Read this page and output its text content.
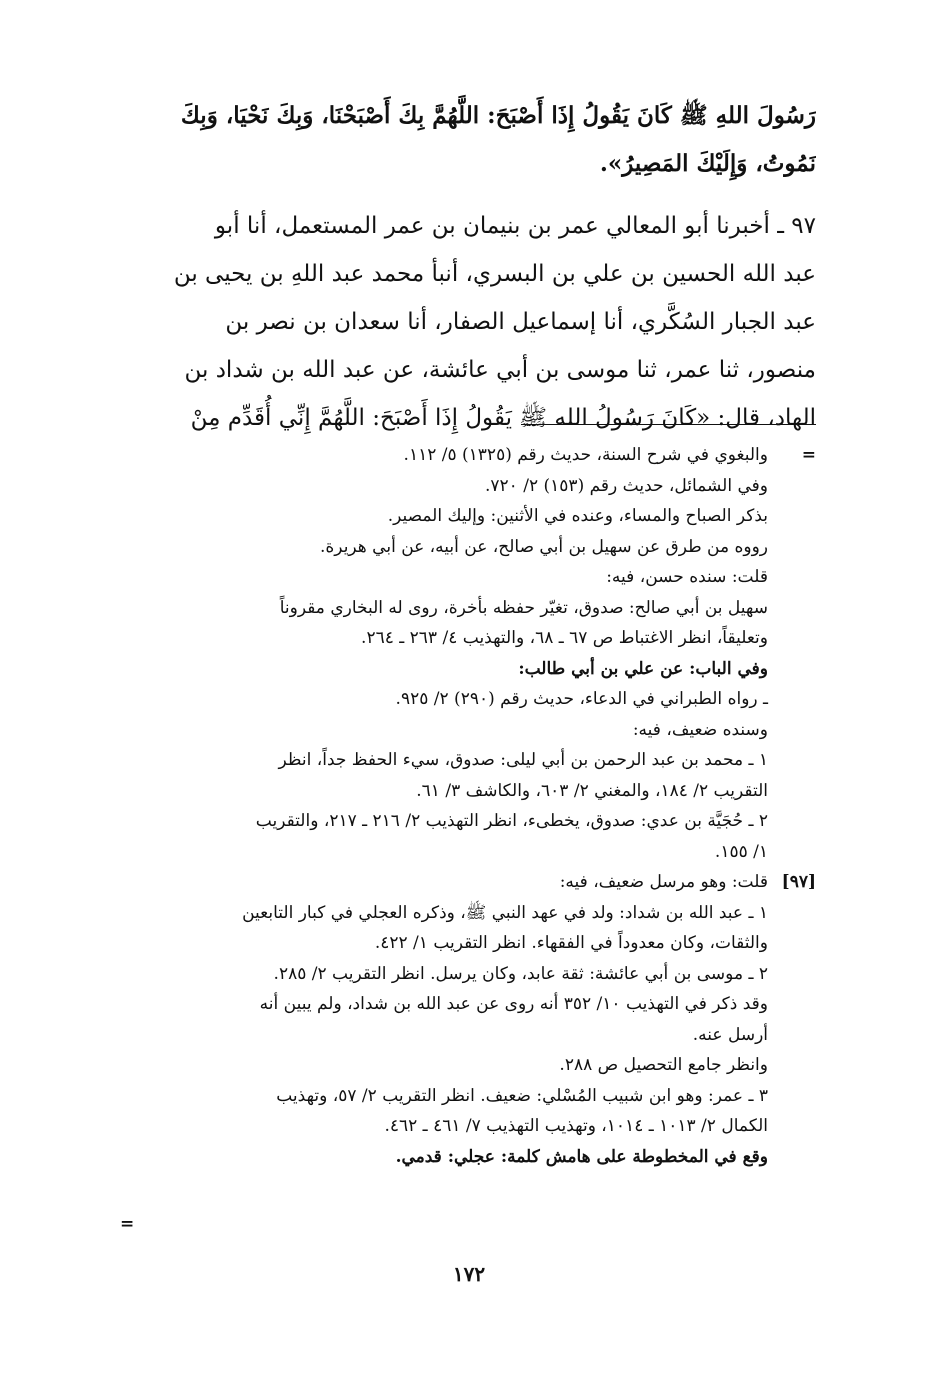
رَسُولَ اللهِ ﷺ كَانَ يَقُولُ إِذَا أَصْبَحَ: اللَّهُمَّ بِكَ أَصْبَحْنَا، وَبِكَ نَحْيَا، وَبِكَ
نَمُوتُ، وَإِلَيْكَ المَصِيرُ».
٩٧ ـ أخبرنا أبو المعالي عمر بن بنيمان بن عمر المستعمل، أنا أبو
عبد الله الحسين بن علي بن البسري، أنبأ محمد عبد اللهِ بن يحيى بن
عبد الجبار السُكَّري، أنا إسماعيل الصفار، أنا سعدان بن نصر بن
منصور، ثنا عمر، ثنا موسى بن أبي عائشة، عن عبد الله بن شداد بن
الهاد، قال: «كَانَ رَسُولُ الله ﷺ يَقُولُ إِذَا أَصْبَحَ: اللَّهُمَّ إِنِّي أُقَدِّم مِنْ
=
والبغوي في شرح السنة، حديث رقم (١٣٢٥) ٥/ ١١٢.
وفي الشمائل، حديث رقم (١٥٣) ٢/ ٧٢٠.
بذكر الصباح والمساء، وعنده في الأثنين: وإليك المصير.
رووه من طرق عن سهيل بن أبي صالح، عن أبيه، عن أبي هريرة.
قلت: سنده حسن، فيه:
سهيل بن أبي صالح: صدوق، تغيّر حفظه بأخرة، روى له البخاري مقروناً
وتعليقاً، انظر الاغتباط ص ٦٧ ـ ٦٨، والتهذيب ٤/ ٢٦٣ ـ ٢٦٤.
وفي الباب: عن علي بن أبي طالب:
ـ رواه الطبراني في الدعاء، حديث رقم (٢٩٠) ٢/ ٩٢٥.
وسنده ضعيف، فيه:
١ ـ محمد بن عبد الرحمن بن أبي ليلى: صدوق، سيء الحفظ جداً، انظر
التقريب ٢/ ١٨٤، والمغني ٢/ ٦٠٣، والكاشف ٣/ ٦١.
٢ ـ حُجَيَّة بن عدي: صدوق، يخطىء، انظر التهذيب ٢/ ٢١٦ ـ ٢١٧، والتقريب
١/ ١٥٥.
[٩٧]
قلت: وهو مرسل ضعيف، فيه:
١ ـ عبد الله بن شداد: ولد في عهد النبي ﷺ، وذكره العجلي في كبار التابعين
والثقات، وكان معدوداً في الفقهاء. انظر التقريب ١/ ٤٢٢.
٢ ـ موسى بن أبي عائشة: ثقة عابد، وكان يرسل. انظر التقريب ٢/ ٢٨٥.
وقد ذكر في التهذيب ١٠/ ٣٥٢ أنه روى عن عبد الله بن شداد، ولم يبين أنه
أرسل عنه.
وانظر جامع التحصيل ص ٢٨٨.
٣ ـ عمر: وهو ابن شبيب المُسْلي: ضعيف. انظر التقريب ٢/ ٥٧، وتهذيب
الكمال ٢/ ١٠١٣ ـ ١٠١٤، وتهذيب التهذيب ٧/ ٤٦١ ـ ٤٦٢.
وقع في المخطوطة على هامش كلمة: عجلي: قدمي.
=
١٧٢
